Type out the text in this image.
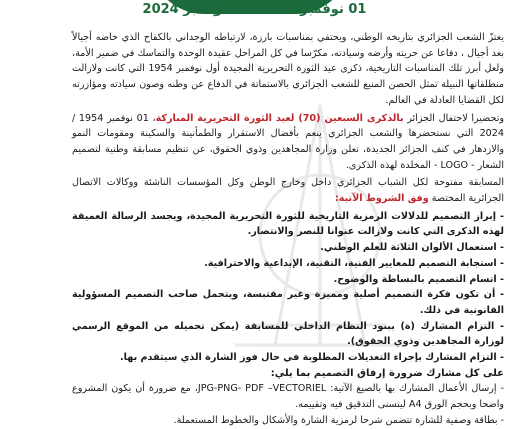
01 نوفمبر 1954- 01 نوفمبر 2024

يعتزّ الشعب الجزائري بتاريخه الوطني، ويحتفي بمناسبات بارزة، لارتباطه الوجداني بالكفاح الذي خاضه أجيالاً بعد أجيال ، دفاعا عن حريته وأرضه وسيادته، مكرّسا في كل المراحل عقيدة الوحدة والتماسك في ضمير الأمة، ولعل أبرز تلك المناسبات التاريخية، ذكرى عيد الثورة التحريرية المجيدة أول نوفمبر 1954 التي كانت ولازالت منطلقاتها النبيلة تمثل الحصن المنيع للشعب الجزائري بالاستماتة في الدفاع عن وطنه وصون سيادته ومؤازرته لكل القضايا العادلة في العالم.

وتحضيرا لاحتفال الجزائر بالذكرى السبعين (70) لعيد الثورة التحريرية المباركة، 01 نوفمبر 1954 / 2024 التي نستحضرها والشعب الجزائري ينعم بأفضال الاستقرار والطمأنينة والسكينة ومقومات النمو والازدهار في كنف الجزائر الجديدة، تعلن وزارة المجاهدين وذوي الحقوق، عن تنظيم مسابقة وطنية لتصميم الشعار - LOGO - المخلدة لهذه الذكرى.

المسابقة مفتوحة لكل الشباب الجزائري داخل وخارج الوطن وكل المؤسسات الناشئة ووكالات الاتصال الجزائرية المختصة وفق الشروط الآتية:

- إبراز التصميم للدلالات الرمزية التاريخية للثورة التحريرية المجيدة، ويجسد الرسالة العميقة لهذه الذكرى التي كانت ولازالت عنوانا للنصر والانتصار.

- استعمال الألوان الثلاثة للعلم الوطني.

- استجابة التصميم للمعايير الفنية، التقنية، الإبداعية والاحترافية.

- اتسام التصميم بالبساطة والوضوح.

- أن تكون فكرة التصميم أصلية ومميزة وغير مقتبسة، ويتحمل صاحب التصميم المسؤولية القانونية في ذلك.

- التزام المشارك (ة) ببنود النظام الداخلي للمسابقة (يمكن تحميله من الموقع الرسمي لوزارة المجاهدين وذوي الحقوق).

- التزام المشارك بإجراء التعديلات المطلوبة في حال فوز الشارة الذي سيتقدم بها.

على كل مشارك ضرورة إرفاق التصميم بما يلي:

- إرسال الأعمال المشارك بها بالصيغ الآتية: JPG-PNG- PDF –VECTORIEL، مع ضرورة أن يكون المشروع واضحا وبحجم الورق A4 ليتسنى التدقيق فيه وتقييمه.

- بطاقة وصفية للشارة تتضمن شرحا لرمزية الشارة والأشكال والخطوط المستعملة.
